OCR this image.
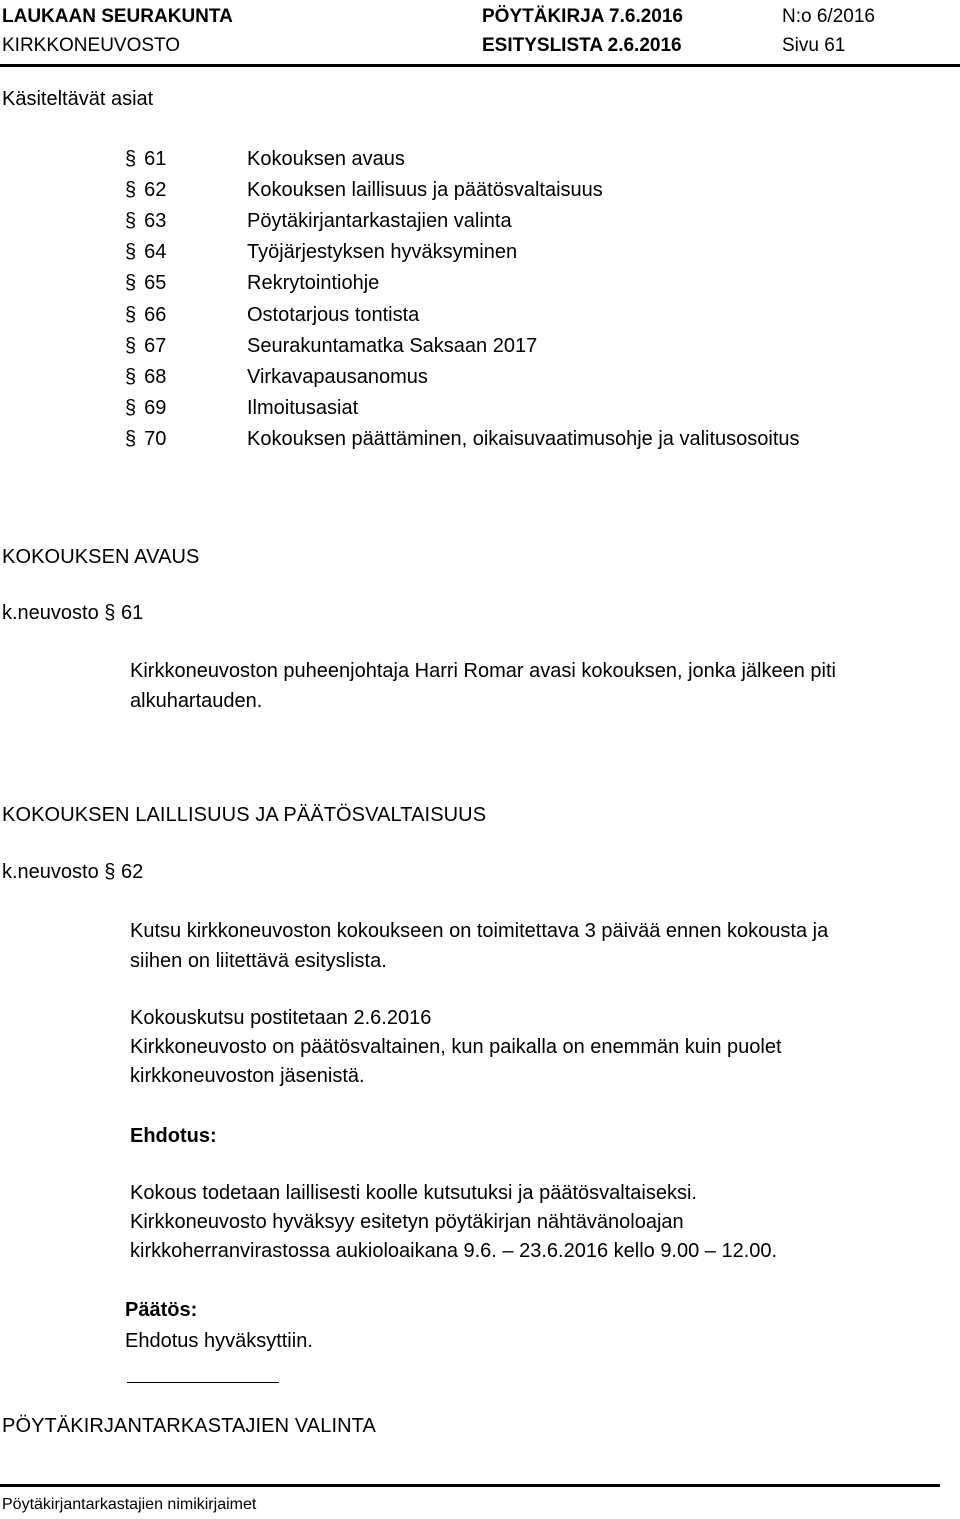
LAUKAAN SEURAKUNTA	PÖYTÄKIRJA 7.6.2016	N:o 6/2016
KIRKKONEUVOSTO	ESITYSLISTA 2.6.2016	Sivu 61
Käsiteltävät asiat
§ 61	Kokouksen avaus
§ 62	Kokouksen laillisuus ja päätösvaltaisuus
§ 63	Pöytäkirjantarkastajien valinta
§ 64	Työjärjestyksen hyväksyminen
§ 65	Rekrytointiohje
§ 66	Ostotarjous tontista
§ 67	Seurakuntamatka Saksaan 2017
§ 68	Virkavapausanomus
§ 69	Ilmoitusasiat
§ 70	Kokouksen päättäminen, oikaisuvaatimusohje ja valitusosoitus
KOKOUKSEN AVAUS
k.neuvosto § 61
Kirkkoneuvoston puheenjohtaja Harri Romar avasi kokouksen, jonka jälkeen piti
alkuhartauden.
KOKOUKSEN LAILLISUUS JA PÄÄTÖSVALTAISUUS
k.neuvosto § 62
Kutsu kirkkoneuvoston kokoukseen on toimitettava 3 päivää ennen kokousta ja
siihen on liitettävä esityslista.
Kokouskutsu postitetaan 2.6.2016
Kirkkoneuvosto on päätösvaltainen, kun paikalla on enemmän kuin puolet
kirkkoneuvoston jäsenistä.
Ehdotus:
Kokous todetaan laillisesti koolle kutsutuksi ja päätösvaltaiseksi.
Kirkkoneuvosto hyväksyy esitetyn pöytäkirjan nähtävänoloajan
kirkkoherranvirastossa aukioloaikana 9.6. – 23.6.2016 kello 9.00 – 12.00.
Päätös:
Ehdotus hyväksyttiin.
PÖYTÄKIRJANTARKASTAJIEN VALINTA
Pöytäkirjantarkastajien nimikirjaimet
